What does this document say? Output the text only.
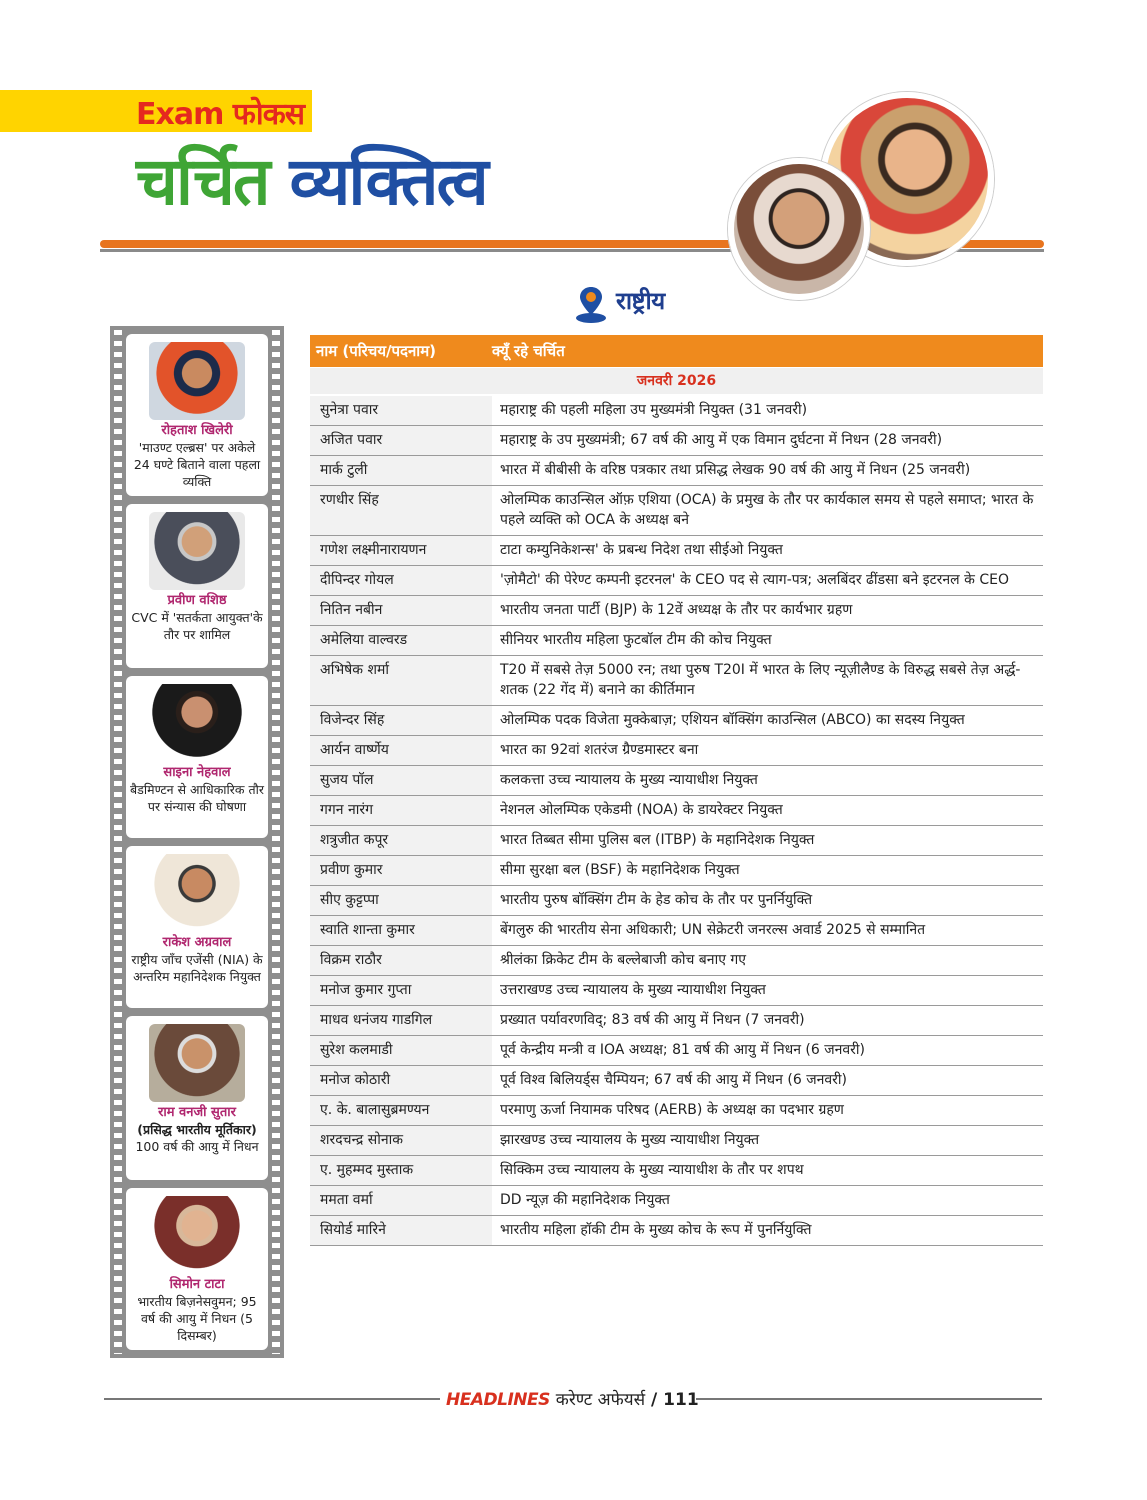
Exam फोकस
चर्चित व्यक्तित्व
राष्ट्रीय
रोहताश खिलेरी
'माउण्ट एल्ब्रस' पर अकेले 24 घण्टे बिताने वाला पहला व्यक्ति
प्रवीण वशिष्ठ
CVC में 'सतर्कता आयुक्त'के तौर पर शामिल
साइना नेहवाल
बैडमिण्टन से आधिकारिक तौर पर संन्यास की घोषणा
राकेश अग्रवाल
राष्ट्रीय जाँच एजेंसी (NIA) के अन्तरिम महानिदेशक नियुक्त
राम वनजी सुतार
(प्रसिद्ध भारतीय मूर्तिकार)
100 वर्ष की आयु में निधन
सिमोन टाटा
भारतीय बिज़नेसवुमन; 95 वर्ष की आयु में निधन (5 दिसम्बर)
नाम (परिचय/पदनाम)	क्यूँ रहे चर्चित
जनवरी 2026
सुनेत्रा पवार	महाराष्ट्र की पहली महिला उप मुख्यमंत्री नियुक्त (31 जनवरी)
अजित पवार	महाराष्ट्र के उप मुख्यमंत्री; 67 वर्ष की आयु में एक विमान दुर्घटना में निधन (28 जनवरी)
मार्क टुली	भारत में बीबीसी के वरिष्ठ पत्रकार तथा प्रसिद्ध लेखक 90 वर्ष की आयु में निधन (25 जनवरी)
रणधीर सिंह	ओलम्पिक काउन्सिल ऑफ़ एशिया (OCA) के प्रमुख के तौर पर कार्यकाल समय से पहले समाप्त; भारत के पहले व्यक्ति को OCA के अध्यक्ष बने
गणेश लक्ष्मीनारायणन	टाटा कम्युनिकेशन्स' के प्रबन्ध निदेश तथा सीईओ नियुक्त
दीपिन्दर गोयल	'ज़ोमैटो' की पेरेण्ट कम्पनी इटरनल' के CEO पद से त्याग-पत्र; अलबिंदर ढींडसा बने इटरनल के CEO
नितिन नबीन	भारतीय जनता पार्टी (BJP) के 12वें अध्यक्ष के तौर पर कार्यभार ग्रहण
अमेलिया वाल्वरड	सीनियर भारतीय महिला फुटबॉल टीम की कोच नियुक्त
अभिषेक शर्मा	T20 में सबसे तेज़ 5000 रन; तथा पुरुष T20I में भारत के लिए न्यूज़ीलैण्ड के विरुद्ध सबसे तेज़ अर्द्ध-शतक (22 गेंद में) बनाने का कीर्तिमान
विजेन्दर सिंह	ओलम्पिक पदक विजेता मुक्केबाज़; एशियन बॉक्सिंग काउन्सिल (ABCO) का सदस्य नियुक्त
आर्यन वार्ष्णेय	भारत का 92वां शतरंज ग्रैण्डमास्टर बना
सुजय पॉल	कलकत्ता उच्च न्यायालय के मुख्य न्यायाधीश नियुक्त
गगन नारंग	नेशनल ओलम्पिक एकेडमी (NOA) के डायरेक्टर नियुक्त
शत्रुजीत कपूर	भारत तिब्बत सीमा पुलिस बल (ITBP) के महानिदेशक नियुक्त
प्रवीण कुमार	सीमा सुरक्षा बल (BSF) के महानिदेशक नियुक्त
सीए कुट्टप्पा	भारतीय पुरुष बॉक्सिंग टीम के हेड कोच के तौर पर पुनर्नियुक्ति
स्वाति शान्ता कुमार	बेंगलुरु की भारतीय सेना अधिकारी; UN सेक्रेटरी जनरल्स अवार्ड 2025 से सम्मानित
विक्रम राठौर	श्रीलंका क्रिकेट टीम के बल्लेबाजी कोच बनाए गए
मनोज कुमार गुप्ता	उत्तराखण्ड उच्च न्यायालय के मुख्य न्यायाधीश नियुक्त
माधव धनंजय गाडगिल	प्रख्यात पर्यावरणविद्; 83 वर्ष की आयु में निधन (7 जनवरी)
सुरेश कलमाडी	पूर्व केन्द्रीय मन्त्री व IOA अध्यक्ष; 81 वर्ष की आयु में निधन (6 जनवरी)
मनोज कोठारी	पूर्व विश्व बिलियर्ड्स चैम्पियन; 67 वर्ष की आयु में निधन (6 जनवरी)
ए. के. बालासुब्रमण्यन	परमाणु ऊर्जा नियामक परिषद (AERB) के अध्यक्ष का पदभार ग्रहण
शरदचन्द्र सोनाक	झारखण्ड उच्च न्यायालय के मुख्य न्यायाधीश नियुक्त
ए. मुहम्मद मुस्ताक	सिक्किम उच्च न्यायालय के मुख्य न्यायाधीश के तौर पर शपथ
ममता वर्मा	DD न्यूज़ की महानिदेशक नियुक्त
सियोर्ड मारिने	भारतीय महिला हॉकी टीम के मुख्य कोच के रूप में पुनर्नियुक्ति
HEADLINES करेण्ट अफेयर्स / 111
